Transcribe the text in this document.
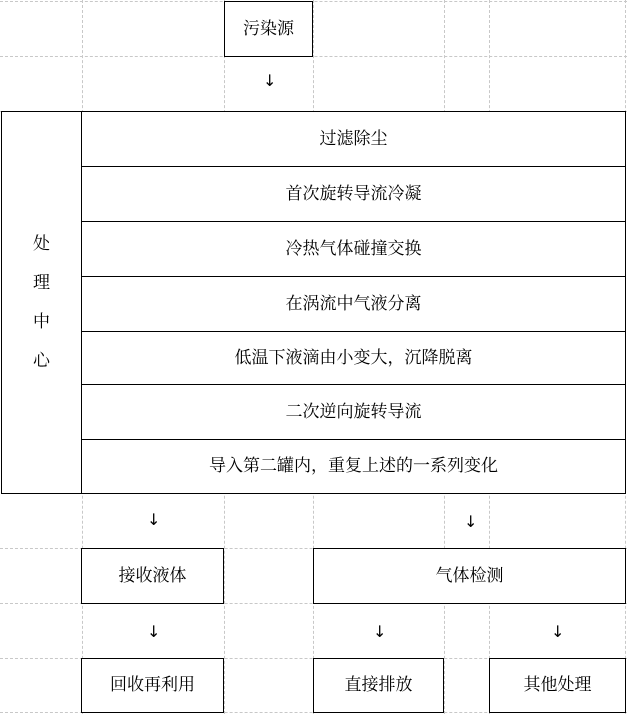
污染源
↓
处
理
中
心
过滤除尘
首次旋转导流冷凝
冷热气体碰撞交换
在涡流中气液分离
低温下液滴由小变大，沉降脱离
二次逆向旋转导流
导入第二罐内，重复上述的一系列变化
↓	↓
接收液体	气体检测
↓	↓	↓
回收再利用	直接排放	其他处理
